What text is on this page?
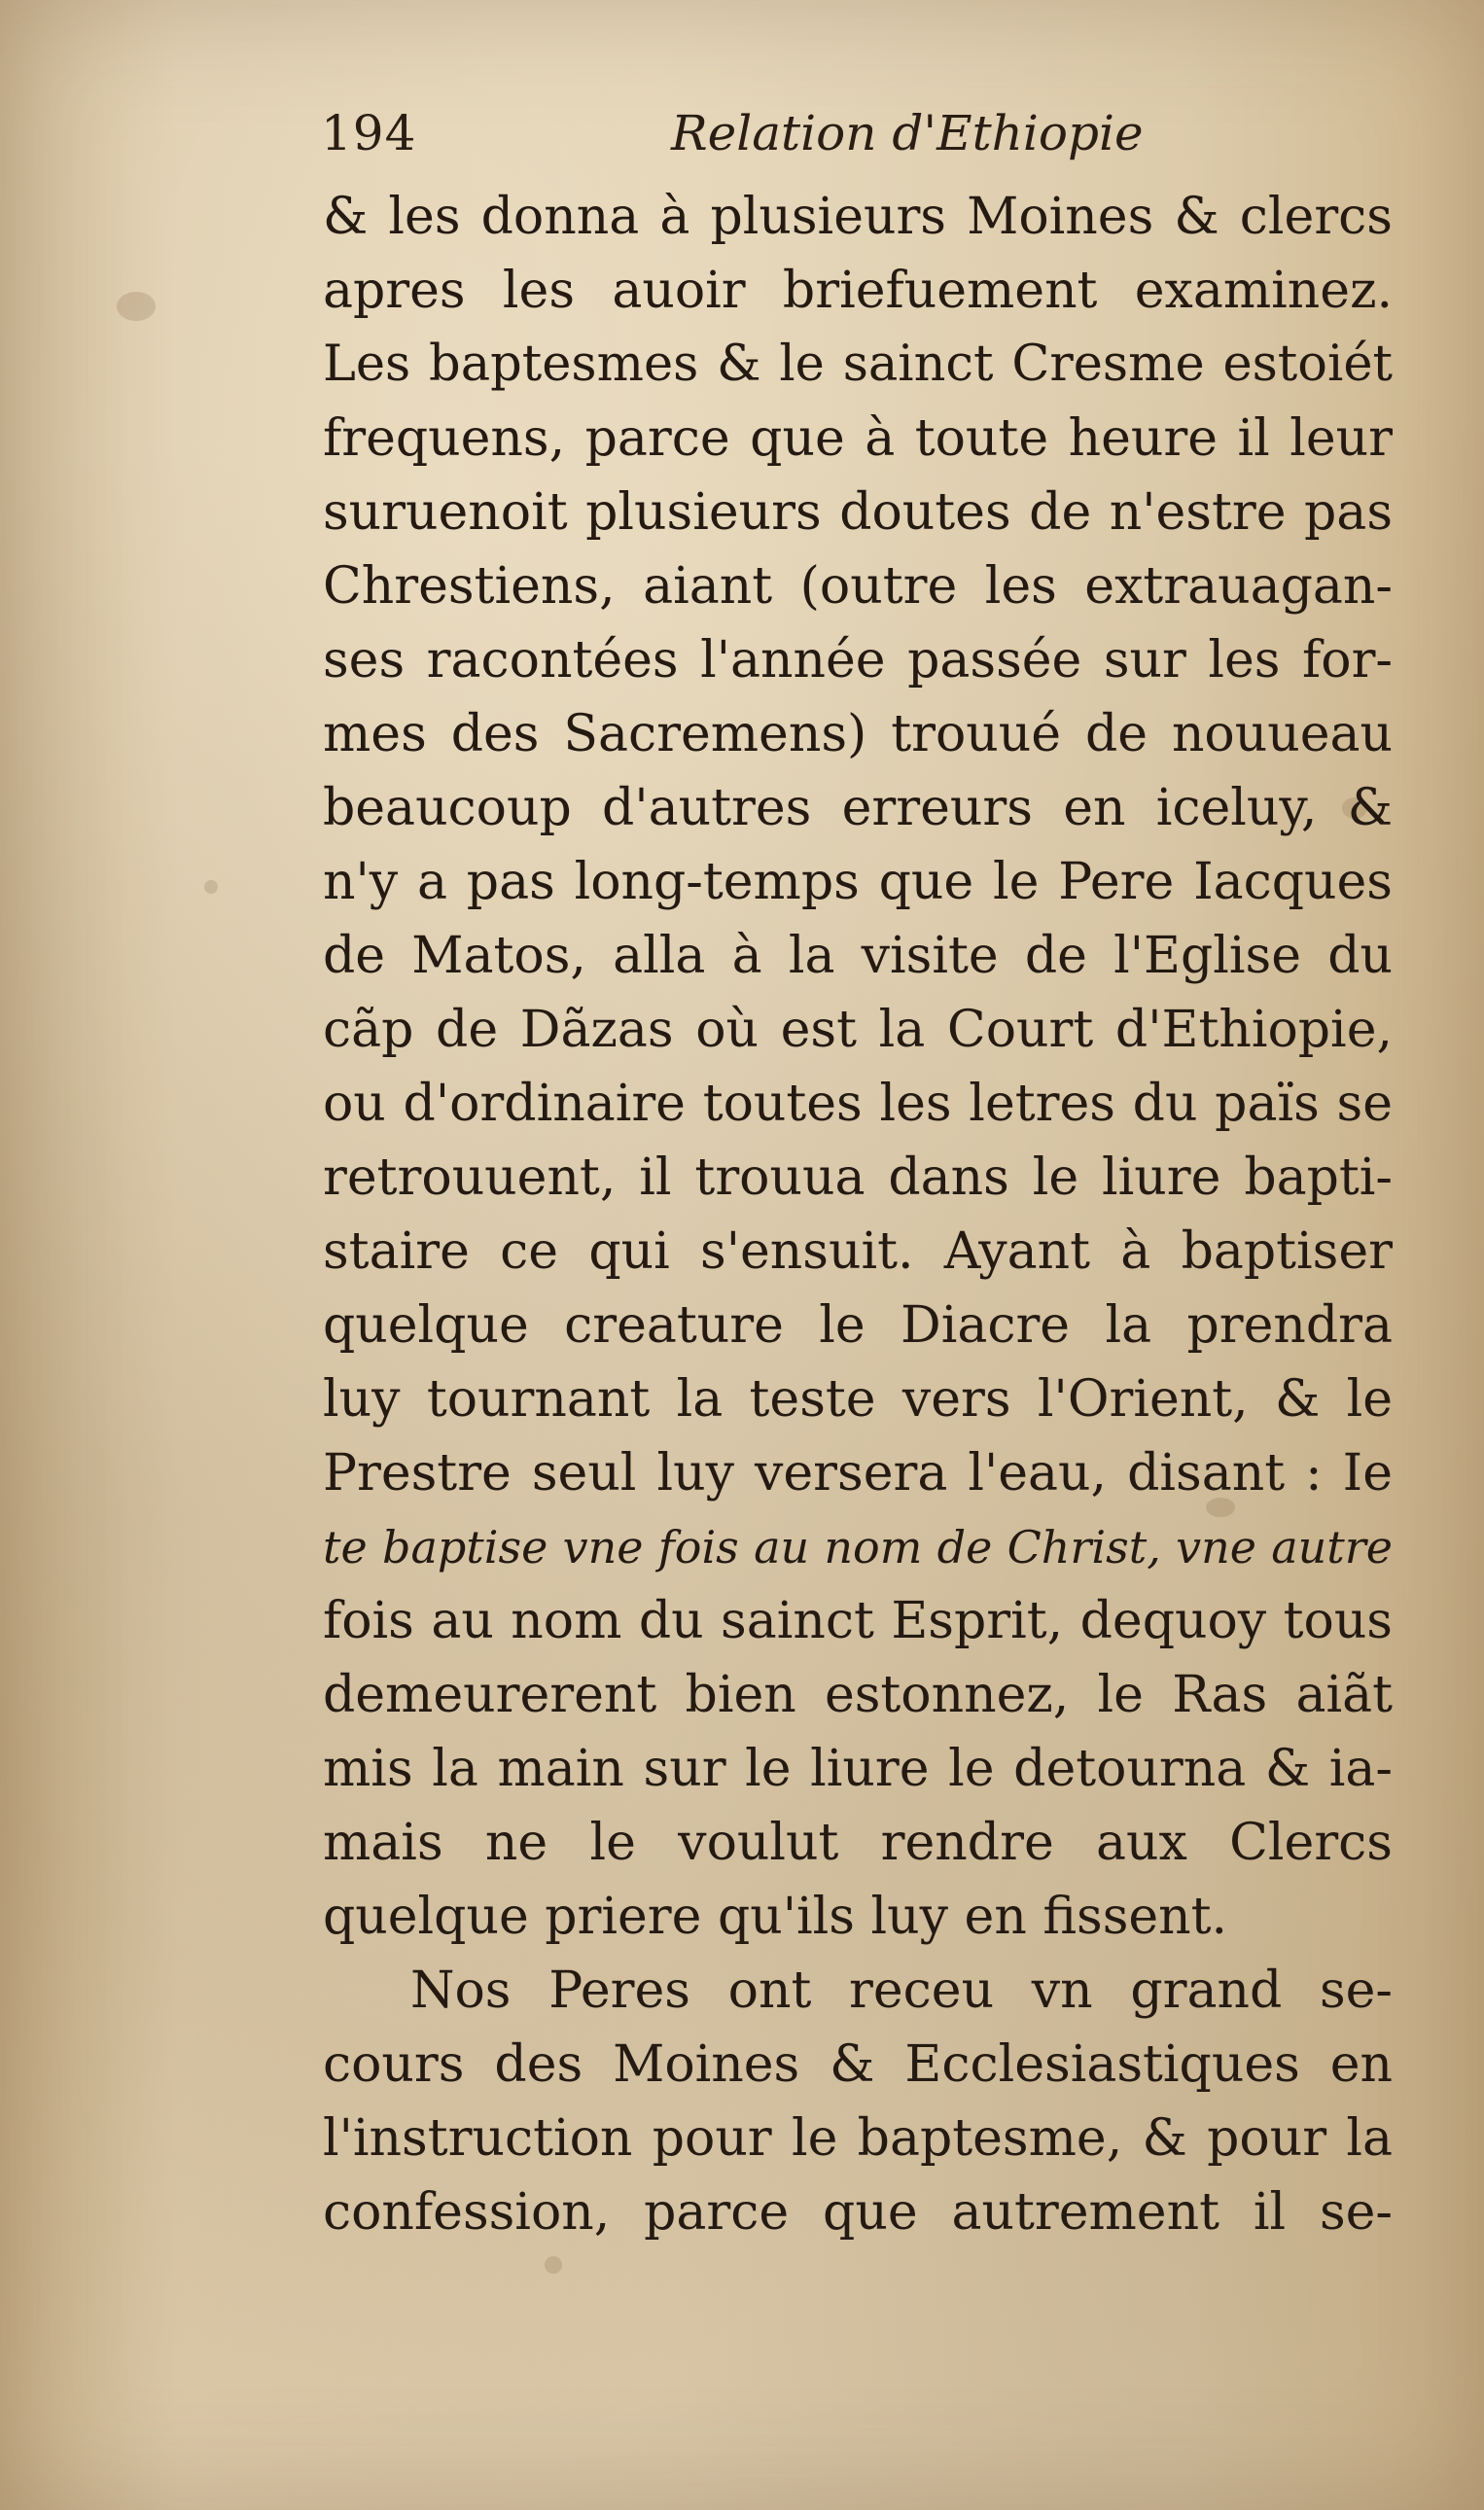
194	Relation d'Ethiopie
& les donna à plusieurs Moines & clercs
apres les auoir briefuement examinez.
Les baptesmes & le sainct Cresme estoiét
frequens, parce que à toute heure il leur
suruenoit plusieurs doutes de n'estre pas
Chrestiens, aiant (outre les extrauagan-
ses racontées l'année passée sur les for-
mes des Sacremens) trouué de nouueau
beaucoup d'autres erreurs en iceluy, &
n'y a pas long-temps que le Pere Iacques
de Matos, alla à la visite de l'Eglise du
cãp de Dãzas où est la Court d'Ethiopie,
ou d'ordinaire toutes les letres du païs se
retrouuent, il trouua dans le liure bapti-
staire ce qui s'ensuit. Ayant à baptiser
quelque creature le Diacre la prendra
luy tournant la teste vers l'Orient, & le
Prestre seul luy versera l'eau, disant : Ie
te baptise vne fois au nom de Christ, vne autre
fois au nom du sainct Esprit, dequoy tous
demeurerent bien estonnez, le Ras aiãt
mis la main sur le liure le detourna & ia-
mais ne le voulut rendre aux Clercs
quelque priere qu'ils luy en fissent.
Nos Peres ont receu vn grand se-
cours des Moines & Ecclesiastiques en
l'instruction pour le baptesme, & pour la
confession, parce que autrement il se-
